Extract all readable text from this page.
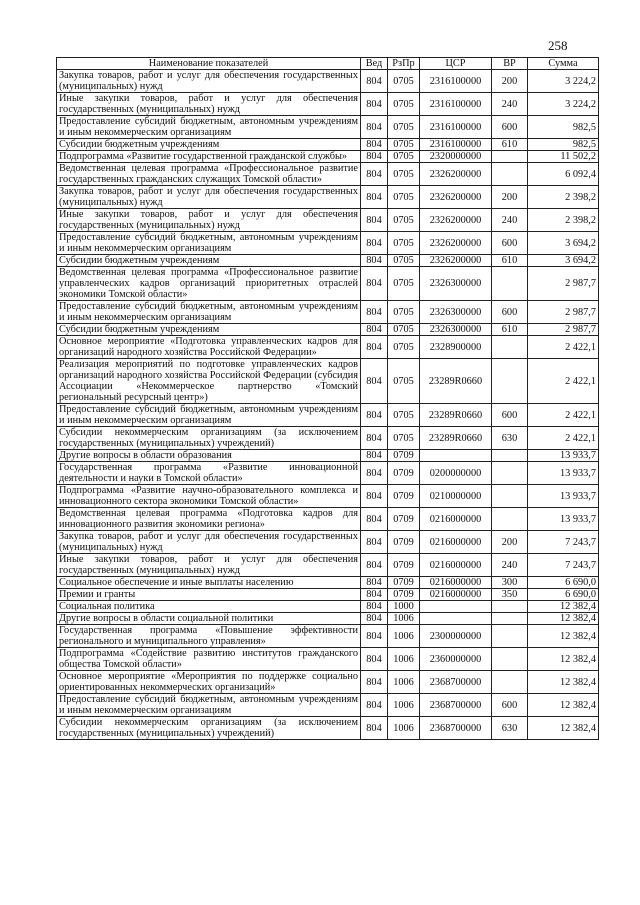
258
Наименование показателей	Вед	РзПр	ЦСР	ВР	Сумма
Закупка товаров, работ и услуг для обеспечения государственных (муниципальных) нужд	804	0705	2316100000	200	3 224,2
Иные закупки товаров, работ и услуг для обеспечения государственных (муниципальных) нужд	804	0705	2316100000	240	3 224,2
Предоставление субсидий бюджетным, автономным учреждениям и иным некоммерческим организациям	804	0705	2316100000	600	982,5
Субсидии бюджетным учреждениям	804	0705	2316100000	610	982,5
Подпрограмма «Развитие государственной гражданской службы»	804	0705	2320000000		11 502,2
Ведомственная целевая программа «Профессиональное развитие государственных гражданских служащих Томской области»	804	0705	2326200000		6 092,4
Закупка товаров, работ и услуг для обеспечения государственных (муниципальных) нужд	804	0705	2326200000	200	2 398,2
Иные закупки товаров, работ и услуг для обеспечения государственных (муниципальных) нужд	804	0705	2326200000	240	2 398,2
Предоставление субсидий бюджетным, автономным учреждениям и иным некоммерческим организациям	804	0705	2326200000	600	3 694,2
Субсидии бюджетным учреждениям	804	0705	2326200000	610	3 694,2
Ведомственная целевая программа «Профессиональное развитие управленческих кадров организаций приоритетных отраслей экономики Томской области»	804	0705	2326300000		2 987,7
Предоставление субсидий бюджетным, автономным учреждениям и иным некоммерческим организациям	804	0705	2326300000	600	2 987,7
Субсидии бюджетным учреждениям	804	0705	2326300000	610	2 987,7
Основное мероприятие «Подготовка управленческих кадров для организаций народного хозяйства Российской Федерации»	804	0705	2328900000		2 422,1
Реализация мероприятий по подготовке управленческих кадров организаций народного хозяйства Российской Федерации (субсидия Ассоциации «Некоммерческое партнерство «Томский региональный ресурсный центр»)	804	0705	23289R0660		2 422,1
Предоставление субсидий бюджетным, автономным учреждениям и иным некоммерческим организациям	804	0705	23289R0660	600	2 422,1
Субсидии некоммерческим организациям (за исключением государственных (муниципальных) учреждений)	804	0705	23289R0660	630	2 422,1
Другие вопросы в области образования	804	0709			13 933,7
Государственная программа «Развитие инновационной деятельности и науки в Томской области»	804	0709	0200000000		13 933,7
Подпрограмма «Развитие научно-образовательного комплекса и инновационного сектора экономики Томской области»	804	0709	0210000000		13 933,7
Ведомственная целевая программа «Подготовка кадров для инновационного развития экономики региона»	804	0709	0216000000		13 933,7
Закупка товаров, работ и услуг для обеспечения государственных (муниципальных) нужд	804	0709	0216000000	200	7 243,7
Иные закупки товаров, работ и услуг для обеспечения государственных (муниципальных) нужд	804	0709	0216000000	240	7 243,7
Социальное обеспечение и иные выплаты населению	804	0709	0216000000	300	6 690,0
Премии и гранты	804	0709	0216000000	350	6 690,0
Социальная политика	804	1000			12 382,4
Другие вопросы в области социальной политики	804	1006			12 382,4
Государственная программа «Повышение эффективности регионального и муниципального управления»	804	1006	2300000000		12 382,4
Подпрограмма «Содействие развитию институтов гражданского общества Томской области»	804	1006	2360000000		12 382,4
Основное мероприятие «Мероприятия по поддержке социально ориентированных некоммерческих организаций»	804	1006	2368700000		12 382,4
Предоставление субсидий бюджетным, автономным учреждениям и иным некоммерческим организациям	804	1006	2368700000	600	12 382,4
Субсидии некоммерческим организациям (за исключением государственных (муниципальных) учреждений)	804	1006	2368700000	630	12 382,4
